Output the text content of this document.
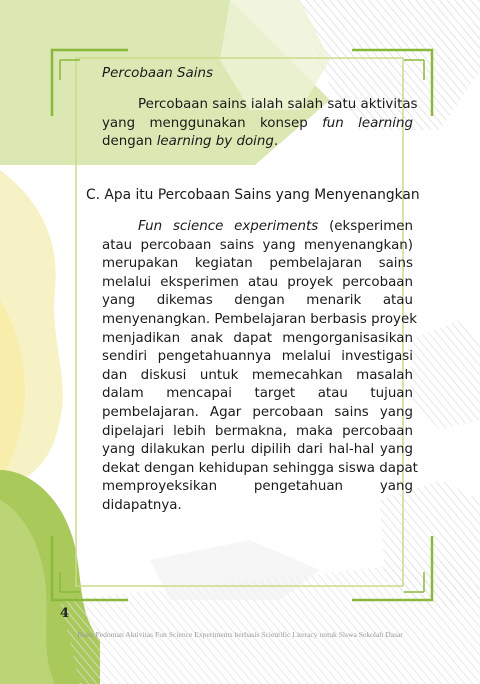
Percobaan Sains
Percobaan sains ialah salah satu aktivitas
yang menggunakan konsep fun learning
dengan learning by doing.
C. Apa itu Percobaan Sains yang Menyenangkan
Fun science experiments (eksperimen
atau percobaan sains yang menyenangkan)
merupakan kegiatan pembelajaran sains
melalui eksperimen atau proyek percobaan
yang dikemas dengan menarik atau
menyenangkan. Pembelajaran berbasis proyek
menjadikan anak dapat mengorganisasikan
sendiri pengetahuannya melalui investigasi
dan diskusi untuk memecahkan masalah
dalam mencapai target atau tujuan
pembelajaran. Agar percobaan sains yang
dipelajari lebih bermakna, maka percobaan
yang dilakukan perlu dipilih dari hal-hal yang
dekat dengan kehidupan sehingga siswa dapat
memproyeksikan pengetahuan yang
didapatnya.
4
Buku Pedoman Aktivitas Fun Science Experiments berbasis Scientific Literacy untuk Siswa Sekolah Dasar
